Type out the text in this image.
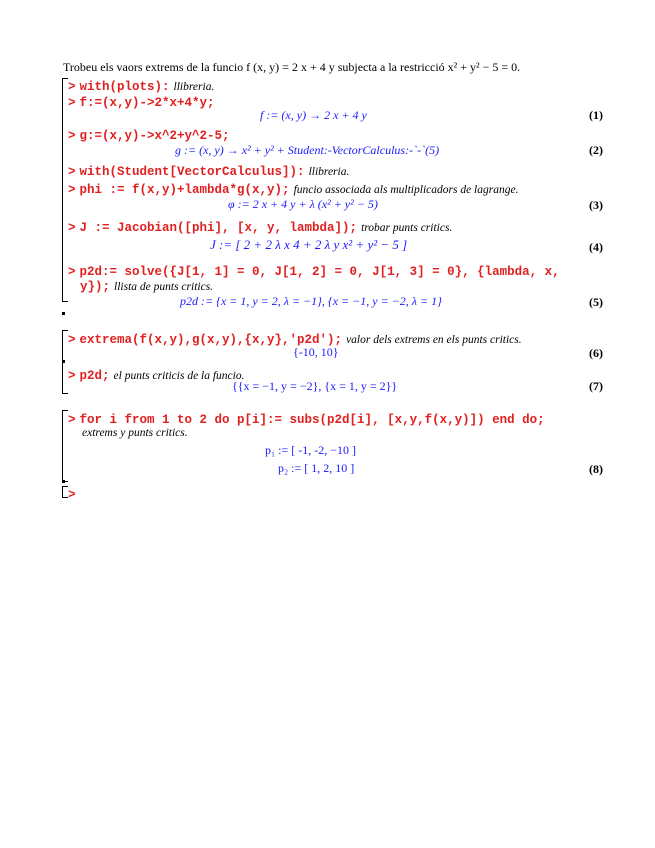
Trobeu els vaors extrems de la funcio f (x, y) = 2 x + 4 y subjecta a la restricció x² + y² − 5 = 0.
> with(plots): llibreria.
> f:=(x,y)->2*x+4*y;
f := (x, y) → 2 x + 4 y	(1)
> g:=(x,y)->x^2+y^2-5;
g := (x, y) → x² + y² + Student:-VectorCalculus:-`-`(5)	(2)
> with(Student[VectorCalculus]): llibreria.
> phi := f(x,y)+lambda*g(x,y); funcio associada als multiplicadors de lagrange.
φ := 2 x + 4 y + λ (x² + y² − 5)	(3)
> J := Jacobian([phi], [x, y, lambda]); trobar punts critics.
J := [ 2 + 2 λ x 4 + 2 λ y x² + y² − 5 ]	(4)
> p2d:= solve({J[1, 1] = 0, J[1, 2] = 0, J[1, 3] = 0}, {lambda, x,
y}); llista de punts critics.
p2d := {x = 1, y = 2, λ = −1}, {x = −1, y = −2, λ = 1}	(5)
> extrema(f(x,y),g(x,y),{x,y},'p2d'); valor dels extrems en els punts critics.
{-10, 10}	(6)
> p2d; el punts criticis de la funcio.
{{x = −1, y = −2}, {x = 1, y = 2}}	(7)
> for i from 1 to 2 do p[i]:= subs(p2d[i], [x,y,f(x,y)]) end do;
extrems y punts critics.
p₁ := [ -1, -2, −10 ]
p₂ := [ 1, 2, 10 ]	(8)
>
